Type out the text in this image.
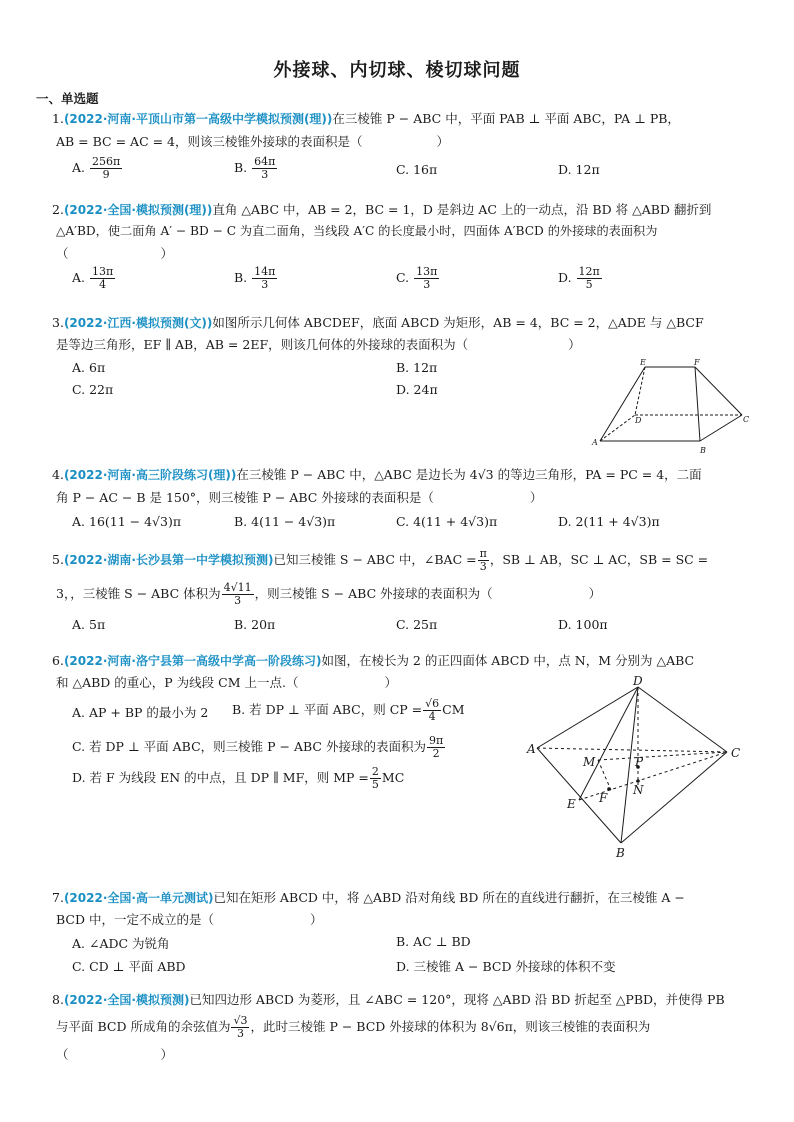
外接球、内切球、棱切球问题
一、单选题
1.(2022·河南·平顶山市第一高级中学模拟预测(理))在三棱锥 P − ABC 中，平面 PAB ⊥ 平面 ABC，PA ⊥ PB，
AB = BC = AC = 4，则该三棱锥外接球的表面积是（	）
A. $\frac{256\pi}{9}$	B. $\frac{64\pi}{3}$	C. 16π	D. 12π
2.(2022·全国·模拟预测(理))直角 △ABC 中，AB = 2，BC = 1，D 是斜边 AC 上的一动点，沿 BD 将 △ABD 翻折到
△A′BD，使二面角 A′ − BD − C 为直二面角，当线段 A′C 的长度最小时，四面体 A′BCD 的外接球的表面积为
（	）
A. $\frac{13\pi}{4}$	B. $\frac{14\pi}{3}$	C. $\frac{13\pi}{3}$	D. $\frac{12\pi}{5}$
3.(2022·江西·模拟预测(文))如图所示几何体 ABCDEF，底面 ABCD 为矩形，AB = 4，BC = 2，△ADE 与 △BCF
是等边三角形，EF ∥ AB，AB = 2EF，则该几何体的外接球的表面积为（	）
A. 6π	B. 12π
C. 22π	D. 24π
E	F
A
B
C
D
4.(2022·河南·高三阶段练习(理))在三棱锥 P − ABC 中，△ABC 是边长为 4√3 的等边三角形，PA = PC = 4，二面
角 P − AC − B 是 150°，则三棱锥 P − ABC 外接球的表面积是（	）
A. 16(11 − 4√3)π	B. 4(11 − 4√3)π	C. 4(11 + 4√3)π	D. 2(11 + 4√3)π
5.(2022·湖南·长沙县第一中学模拟预测)已知三棱锥 S − ABC 中，∠BAC = $\frac{\pi}{3}$ ，SB ⊥ AB，SC ⊥ AC，SB = SC =
3，，三棱锥 S − ABC 体积为 $\frac{4√11}{3}$ ，则三棱锥 S − ABC 外接球的表面积为（	）
A. 5π	B. 20π	C. 25π	D. 100π
6.(2022·河南·洛宁县第一高级中学高一阶段练习)如图，在棱长为 2 的正四面体 ABCD 中，点 N，M 分别为 △ABC
和 △ABD 的重心，P 为线段 CM 上一点.（	）
A. AP + BP 的最小为 2 B. 若 DP ⊥ 平面 ABC，则 CP = $\frac{√6}{4}$ CM
C. 若 DP ⊥ 平面 ABC，则三棱锥 P − ABC 外接球的表面积为 $\frac{9\pi}{2}$
D. 若 F 为线段 EN 的中点，且 DP ∥ MF，则 MP = $\frac{2}{5}$ MC
D
A	C
M	P
N
E F
B
7.(2022·全国·高一单元测试)已知在矩形 ABCD 中，将 △ABD 沿对角线 BD 所在的直线进行翻折，在三棱锥 A −
BCD 中，一定不成立的是（	）
A. ∠ADC 为锐角	B. AC ⊥ BD
C. CD ⊥ 平面 ABD	D. 三棱锥 A − BCD 外接球的体积不变
8.(2022·全国·模拟预测)已知四边形 ABCD 为菱形，且 ∠ABC = 120°，现将 △ABD 沿 BD 折起至 △PBD，并使得 PB
与平面 BCD 所成角的余弦值为 $\frac{√3}{3}$ ，此时三棱锥 P − BCD 外接球的体积为 8√6π，则该三棱锥的表面积为
（	）
